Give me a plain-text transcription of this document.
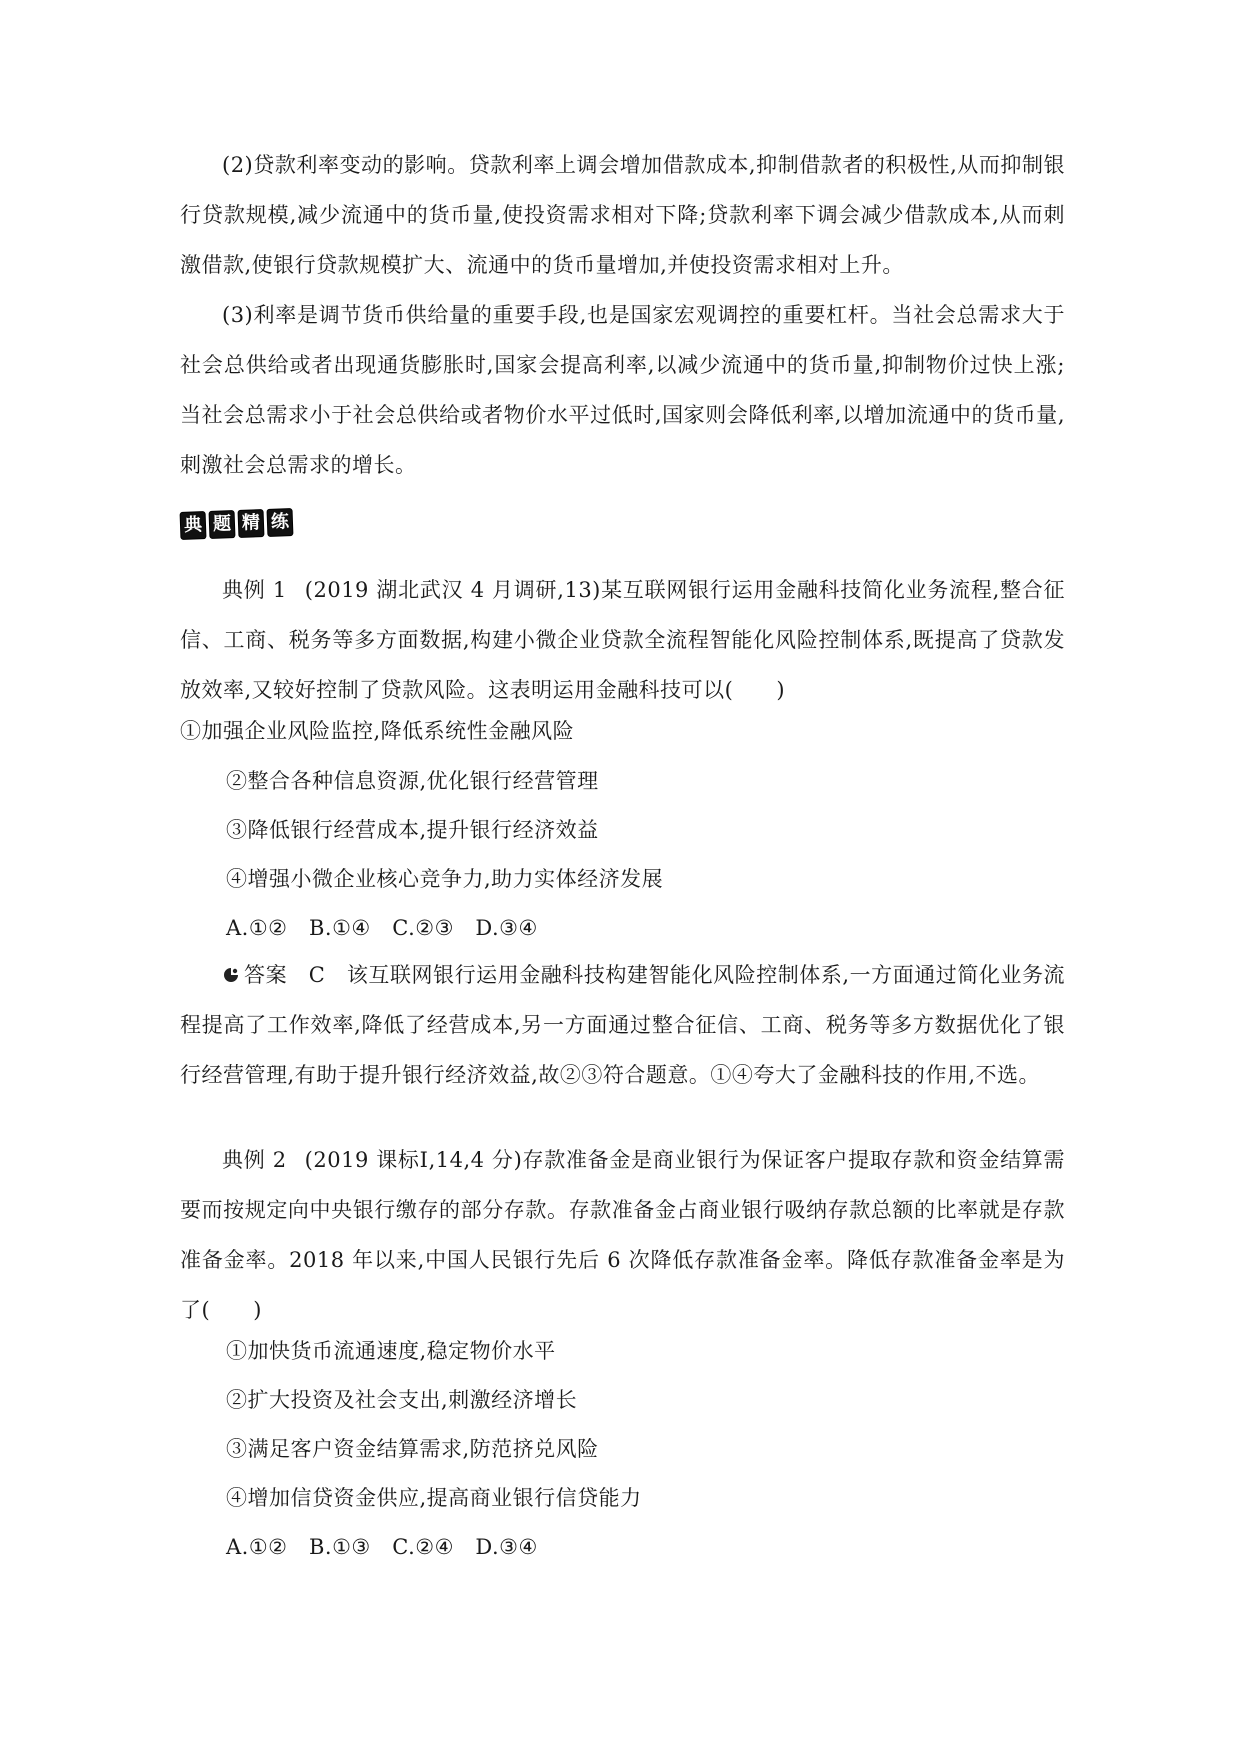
(2)贷款利率变动的影响。贷款利率上调会增加借款成本,抑制借款者的积极性,从而抑制银行贷款规模,减少流通中的货币量,使投资需求相对下降;贷款利率下调会减少借款成本,从而刺激借款,使银行贷款规模扩大、流通中的货币量增加,并使投资需求相对上升。

(3)利率是调节货币供给量的重要手段,也是国家宏观调控的重要杠杆。当社会总需求大于社会总供给或者出现通货膨胀时,国家会提高利率,以减少流通中的货币量,抑制物价过快上涨;当社会总需求小于社会总供给或者物价水平过低时,国家则会降低利率,以增加流通中的货币量,刺激社会总需求的增长。

典 题 精 练

典例 1 (2019 湖北武汉 4 月调研,13)某互联网银行运用金融科技简化业务流程,整合征信、工商、税务等多方面数据,构建小微企业贷款全流程智能化风险控制体系,既提高了贷款发放效率,又较好控制了贷款风险。这表明运用金融科技可以(　　)

①加强企业风险监控,降低系统性金融风险

②整合各种信息资源,优化银行经营管理

③降低银行经营成本,提升银行经济效益

④增强小微企业核心竞争力,助力实体经济发展

A.①②　B.①④　C.②③　D.③④

答案　 C　 该互联网银行运用金融科技构建智能化风险控制体系,一方面通过简化业务流程提高了工作效率,降低了经营成本,另一方面通过整合征信、工商、税务等多方数据优化了银行经营管理,有助于提升银行经济效益,故②③符合题意。①④夸大了金融科技的作用,不选。

典例 2 (2019 课标Ⅰ,14,4 分)存款准备金是商业银行为保证客户提取存款和资金结算需要而按规定向中央银行缴存的部分存款。存款准备金占商业银行吸纳存款总额的比率就是存款准备金率。2018 年以来,中国人民银行先后 6 次降低存款准备金率。降低存款准备金率是为了(　　)

①加快货币流通速度,稳定物价水平

②扩大投资及社会支出,刺激经济增长

③满足客户资金结算需求,防范挤兑风险

④增加信贷资金供应,提高商业银行信贷能力

A.①②　B.①③　C.②④　D.③④
